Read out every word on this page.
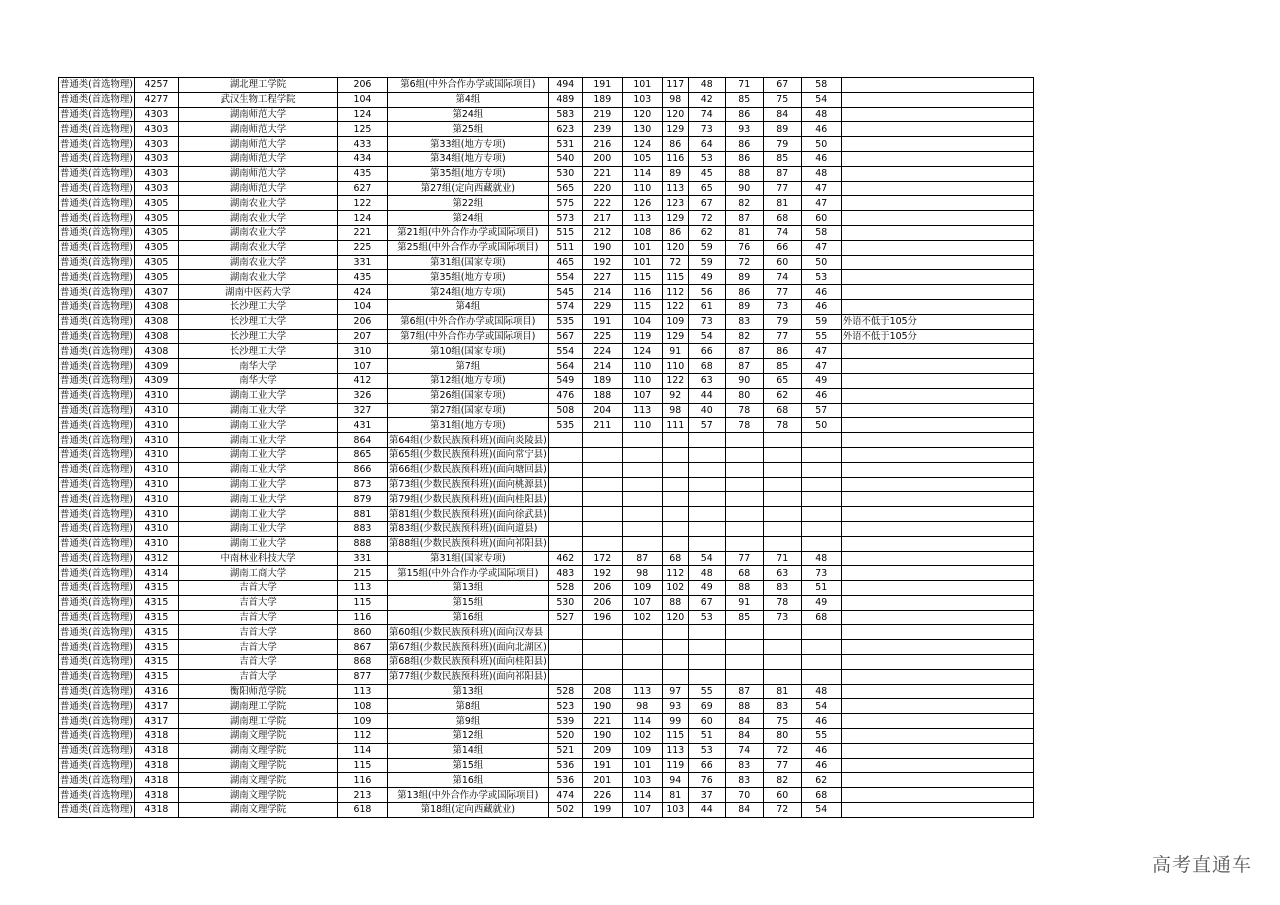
普通类(首选物理)	4257	湖北理工学院	206	第6组(中外合作办学或国际项目)	494	191	101	117	48	71	67	58	
普通类(首选物理)	4277	武汉生物工程学院	104	第4组	489	189	103	98	42	85	75	54	
普通类(首选物理)	4303	湖南师范大学	124	第24组	583	219	120	120	74	86	84	48	
普通类(首选物理)	4303	湖南师范大学	125	第25组	623	239	130	129	73	93	89	46	
普通类(首选物理)	4303	湖南师范大学	433	第33组(地方专项)	531	216	124	86	64	86	79	50	
普通类(首选物理)	4303	湖南师范大学	434	第34组(地方专项)	540	200	105	116	53	86	85	46	
普通类(首选物理)	4303	湖南师范大学	435	第35组(地方专项)	530	221	114	89	45	88	87	48	
普通类(首选物理)	4303	湖南师范大学	627	第27组(定向西藏就业)	565	220	110	113	65	90	77	47	
普通类(首选物理)	4305	湖南农业大学	122	第22组	575	222	126	123	67	82	81	47	
普通类(首选物理)	4305	湖南农业大学	124	第24组	573	217	113	129	72	87	68	60	
普通类(首选物理)	4305	湖南农业大学	221	第21组(中外合作办学或国际项目)	515	212	108	86	62	81	74	58	
普通类(首选物理)	4305	湖南农业大学	225	第25组(中外合作办学或国际项目)	511	190	101	120	59	76	66	47	
普通类(首选物理)	4305	湖南农业大学	331	第31组(国家专项)	465	192	101	72	59	72	60	50	
普通类(首选物理)	4305	湖南农业大学	435	第35组(地方专项)	554	227	115	115	49	89	74	53	
普通类(首选物理)	4307	湖南中医药大学	424	第24组(地方专项)	545	214	116	112	56	86	77	46	
普通类(首选物理)	4308	长沙理工大学	104	第4组	574	229	115	122	61	89	73	46	
普通类(首选物理)	4308	长沙理工大学	206	第6组(中外合作办学或国际项目)	535	191	104	109	73	83	79	59	外语不低于105分
普通类(首选物理)	4308	长沙理工大学	207	第7组(中外合作办学或国际项目)	567	225	119	129	54	82	77	55	外语不低于105分
普通类(首选物理)	4308	长沙理工大学	310	第10组(国家专项)	554	224	124	91	66	87	86	47	
普通类(首选物理)	4309	南华大学	107	第7组	564	214	110	110	68	87	85	47	
普通类(首选物理)	4309	南华大学	412	第12组(地方专项)	549	189	110	122	63	90	65	49	
普通类(首选物理)	4310	湖南工业大学	326	第26组(国家专项)	476	188	107	92	44	80	62	46	
普通类(首选物理)	4310	湖南工业大学	327	第27组(国家专项)	508	204	113	98	40	78	68	57	
普通类(首选物理)	4310	湖南工业大学	431	第31组(地方专项)	535	211	110	111	57	78	78	50	
普通类(首选物理)	4310	湖南工业大学	864	第64组(少数民族预科班)(面向炎陵县)									
普通类(首选物理)	4310	湖南工业大学	865	第65组(少数民族预科班)(面向常宁县)									
普通类(首选物理)	4310	湖南工业大学	866	第66组(少数民族预科班)(面向塘回县)									
普通类(首选物理)	4310	湖南工业大学	873	第73组(少数民族预科班)(面向桃源县)									
普通类(首选物理)	4310	湖南工业大学	879	第79组(少数民族预科班)(面向桂阳县)									
普通类(首选物理)	4310	湖南工业大学	881	第81组(少数民族预科班)(面向徐武县)									
普通类(首选物理)	4310	湖南工业大学	883	第83组(少数民族预科班)(面向道县)									
普通类(首选物理)	4310	湖南工业大学	888	第88组(少数民族预科班)(面向祁阳县)									
普通类(首选物理)	4312	中南林业科技大学	331	第31组(国家专项)	462	172	87	68	54	77	71	48	
普通类(首选物理)	4314	湖南工商大学	215	第15组(中外合作办学或国际项目)	483	192	98	112	48	68	63	73	
普通类(首选物理)	4315	吉首大学	113	第13组	528	206	109	102	49	88	83	51	
普通类(首选物理)	4315	吉首大学	115	第15组	530	206	107	88	67	91	78	49	
普通类(首选物理)	4315	吉首大学	116	第16组	527	196	102	120	53	85	73	68	
普通类(首选物理)	4315	吉首大学	860	第60组(少数民族预科班)(面向汉寿县									
普通类(首选物理)	4315	吉首大学	867	第67组(少数民族预科班)(面向北湖区)									
普通类(首选物理)	4315	吉首大学	868	第68组(少数民族预科班)(面向桂阳县)									
普通类(首选物理)	4315	吉首大学	877	第77组(少数民族预科班)(面向祁阳县)									
普通类(首选物理)	4316	衡阳师范学院	113	第13组	528	208	113	97	55	87	81	48	
普通类(首选物理)	4317	湖南理工学院	108	第8组	523	190	98	93	69	88	83	54	
普通类(首选物理)	4317	湖南理工学院	109	第9组	539	221	114	99	60	84	75	46	
普通类(首选物理)	4318	湖南文理学院	112	第12组	520	190	102	115	51	84	80	55	
普通类(首选物理)	4318	湖南文理学院	114	第14组	521	209	109	113	53	74	72	46	
普通类(首选物理)	4318	湖南文理学院	115	第15组	536	191	101	119	66	83	77	46	
普通类(首选物理)	4318	湖南文理学院	116	第16组	536	201	103	94	76	83	82	62	
普通类(首选物理)	4318	湖南文理学院	213	第13组(中外合作办学或国际项目)	474	226	114	81	37	70	60	68	
普通类(首选物理)	4318	湖南文理学院	618	第18组(定向西藏就业)	502	199	107	103	44	84	72	54	
高考直通车
